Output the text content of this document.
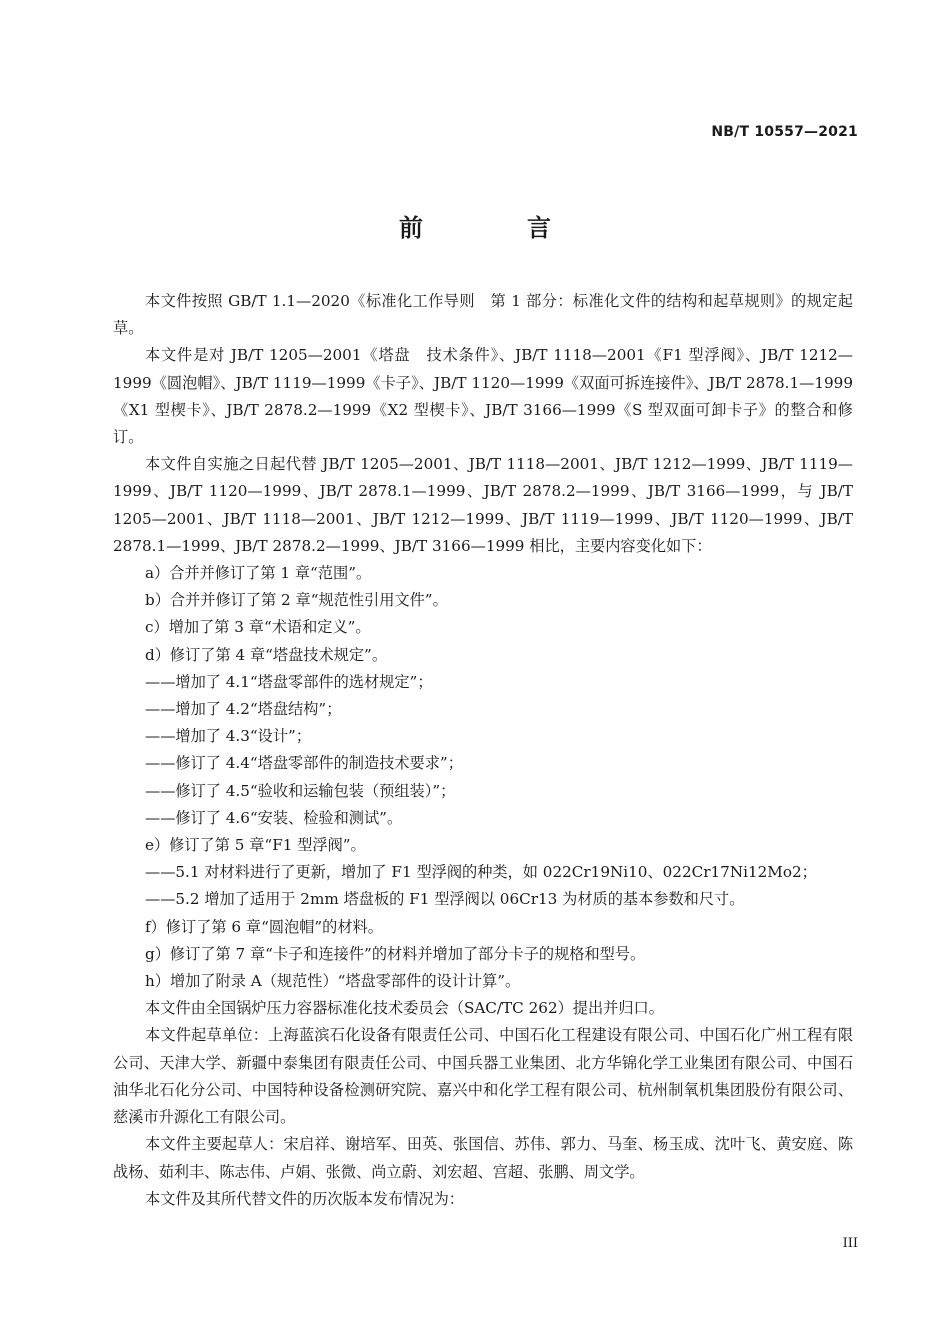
NB/T 10557—2021
前　言

本文件按照 GB/T 1.1—2020《标准化工作导则　第 1 部分：标准化文件的结构和起草规则》的规定起草。

本文件是对 JB/T 1205—2001《塔盘　技术条件》、JB/T 1118—2001《F1 型浮阀》、JB/T 1212—1999《圆泡帽》、JB/T 1119—1999《卡子》、JB/T 1120—1999《双面可拆连接件》、JB/T 2878.1—1999《X1 型楔卡》、JB/T 2878.2—1999《X2 型楔卡》、JB/T 3166—1999《S 型双面可卸卡子》的整合和修订。

本文件自实施之日起代替 JB/T 1205—2001、JB/T 1118—2001、JB/T 1212—1999、JB/T 1119—1999、JB/T 1120—1999、JB/T 2878.1—1999、JB/T 2878.2—1999、JB/T 3166—1999，与 JB/T 1205—2001、JB/T 1118—2001、JB/T 1212—1999、JB/T 1119—1999、JB/T 1120—1999、JB/T 2878.1—1999、JB/T 2878.2—1999、JB/T 3166—1999 相比，主要内容变化如下：

a）合并并修订了第 1 章“范围”。

b）合并并修订了第 2 章“规范性引用文件”。

c）增加了第 3 章“术语和定义”。

d）修订了第 4 章“塔盘技术规定”。

——增加了 4.1“塔盘零部件的选材规定”；

——增加了 4.2“塔盘结构”；

——增加了 4.3“设计”；

——修订了 4.4“塔盘零部件的制造技术要求”；

——修订了 4.5“验收和运输包装（预组装）”；

——修订了 4.6“安装、检验和测试”。

e）修订了第 5 章“F1 型浮阀”。

——5.1 对材料进行了更新，增加了 F1 型浮阀的种类，如 022Cr19Ni10、022Cr17Ni12Mo2；

——5.2 增加了适用于 2mm 塔盘板的 F1 型浮阀以 06Cr13 为材质的基本参数和尺寸。

f）修订了第 6 章“圆泡帽”的材料。

g）修订了第 7 章“卡子和连接件”的材料并增加了部分卡子的规格和型号。

h）增加了附录 A（规范性）“塔盘零部件的设计计算”。

本文件由全国锅炉压力容器标准化技术委员会（SAC/TC 262）提出并归口。

本文件起草单位：上海蓝滨石化设备有限责任公司、中国石化工程建设有限公司、中国石化广州工程有限公司、天津大学、新疆中泰集团有限责任公司、中国兵器工业集团、北方华锦化学工业集团有限公司、中国石油华北石化分公司、中国特种设备检测研究院、嘉兴中和化学工程有限公司、杭州制氧机集团股份有限公司、慈溪市升源化工有限公司。

本文件主要起草人：宋启祥、谢培军、田英、张国信、苏伟、郭力、马奎、杨玉成、沈叶飞、黄安庭、陈战杨、茹利丰、陈志伟、卢娟、张微、尚立蔚、刘宏超、宫超、张鹏、周文学。

本文件及其所代替文件的历次版本发布情况为：

III
